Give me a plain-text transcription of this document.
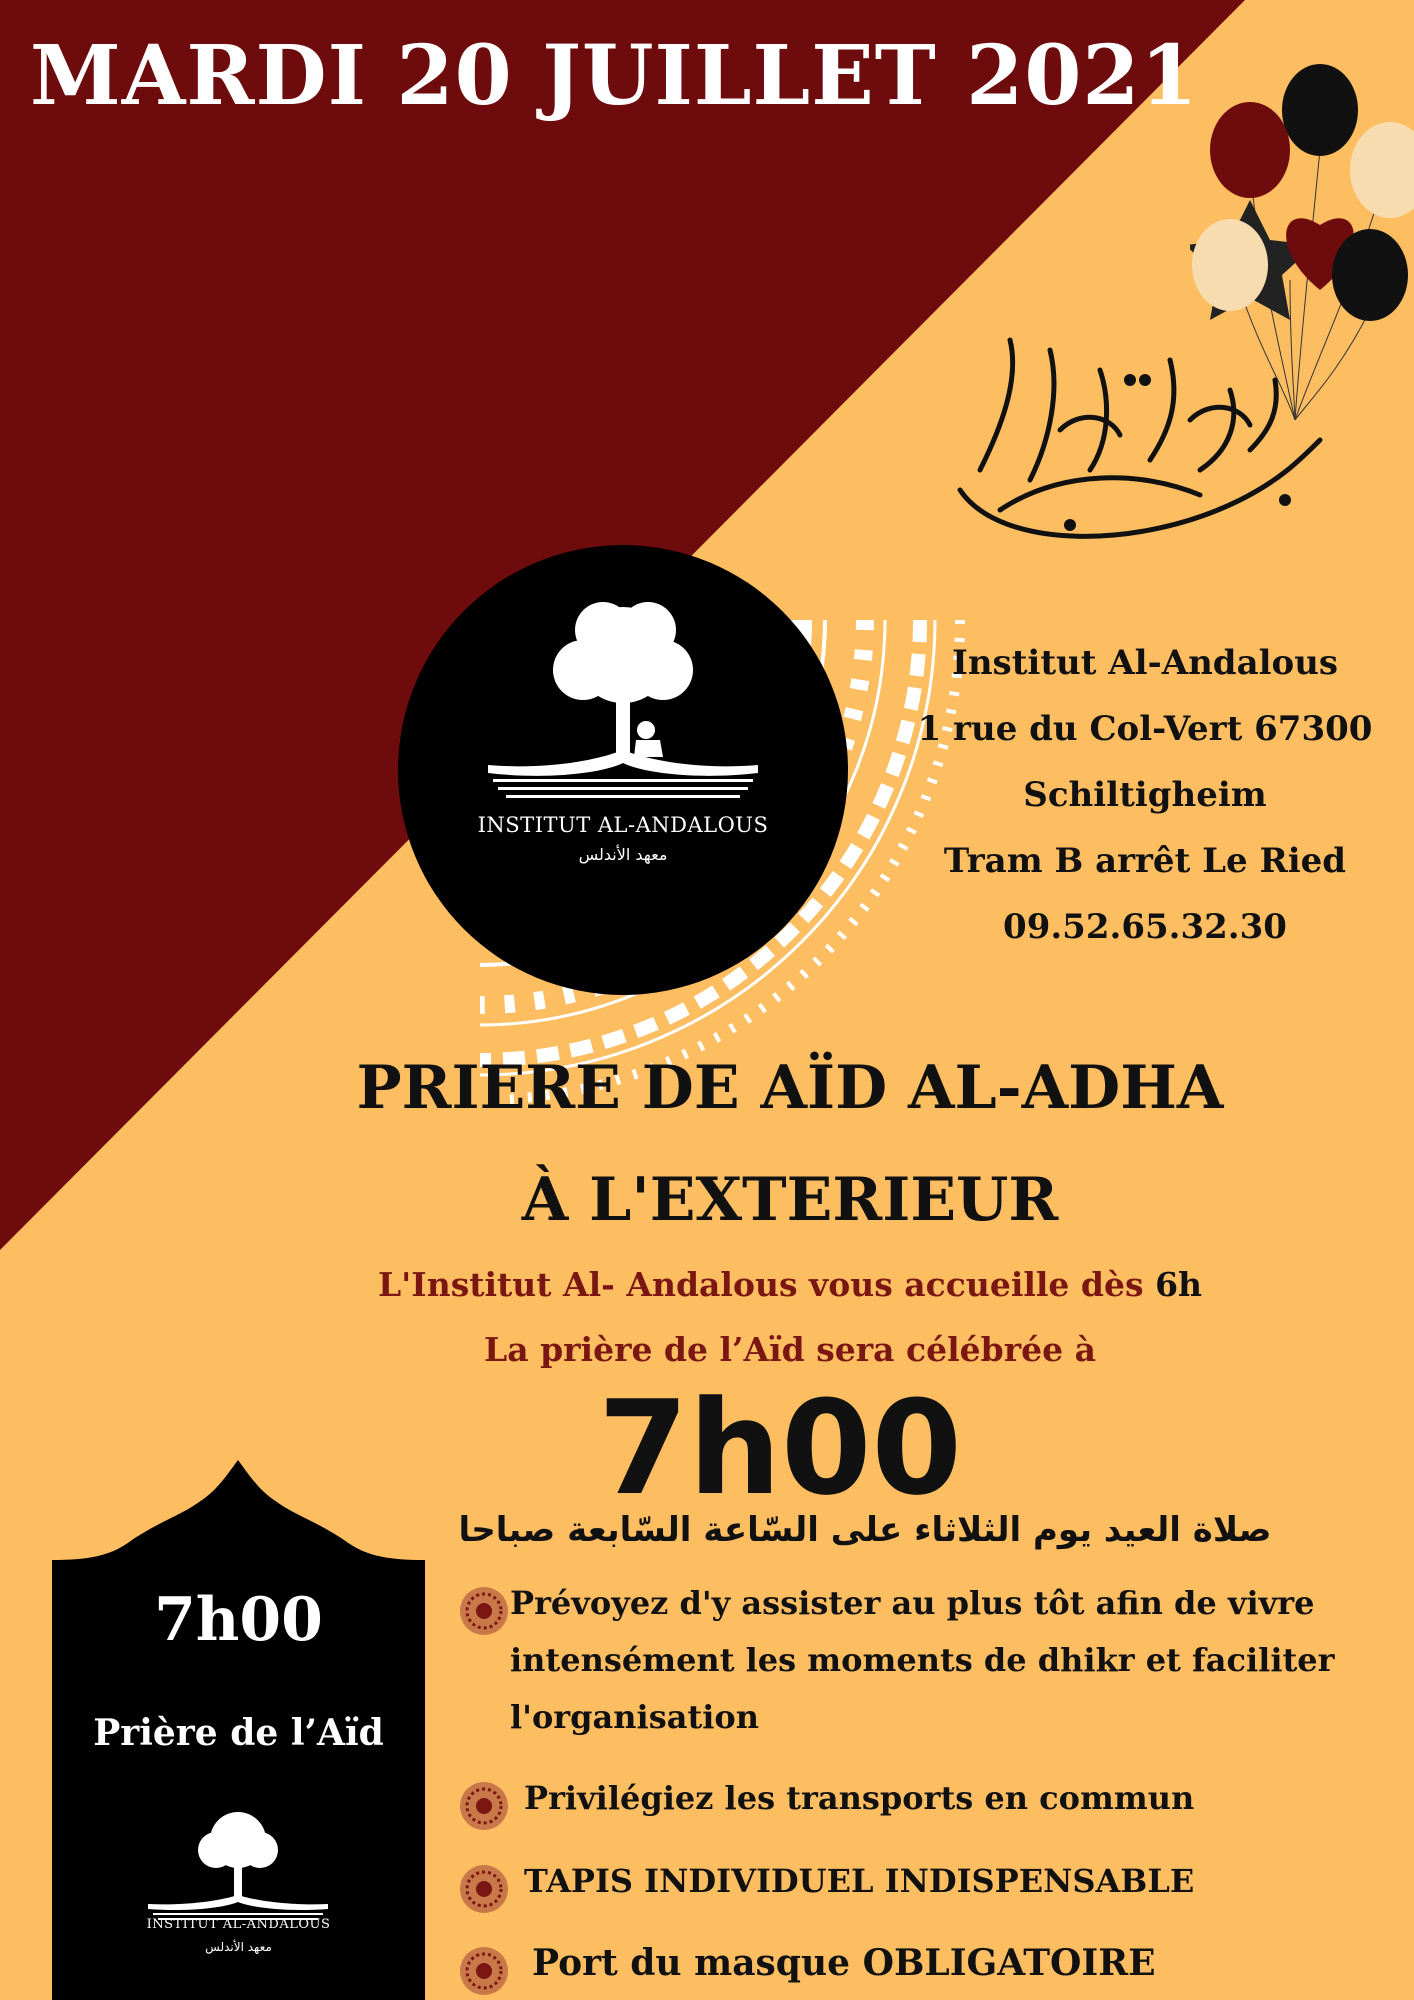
MARDI 20 JUILLET 2021
INSTITUT AL-ANDALOUS
معهد الأندلس
Institut Al-Andalous
1 rue du Col-Vert 67300
Schiltigheim
Tram B arrêt Le Ried
09.52.65.32.30
PRIERE DE AÏD AL-ADHA
À L'EXTERIEUR
L'Institut Al- Andalous vous accueille dès 6h
La prière de l’Aïd sera célébrée à
7h00
صلاة العيد يوم الثلاثاء على السّاعة السّابعة صباحا
Prévoyez d'y assister au plus tôt afin de vivre
intensément les moments de dhikr et faciliter
l'organisation
Privilégiez les transports en commun
TAPIS INDIVIDUEL INDISPENSABLE
Port du masque OBLIGATOIRE
7h00
Prière de l’Aïd
INSTITUT AL-ANDALOUS
معهد الأندلس
